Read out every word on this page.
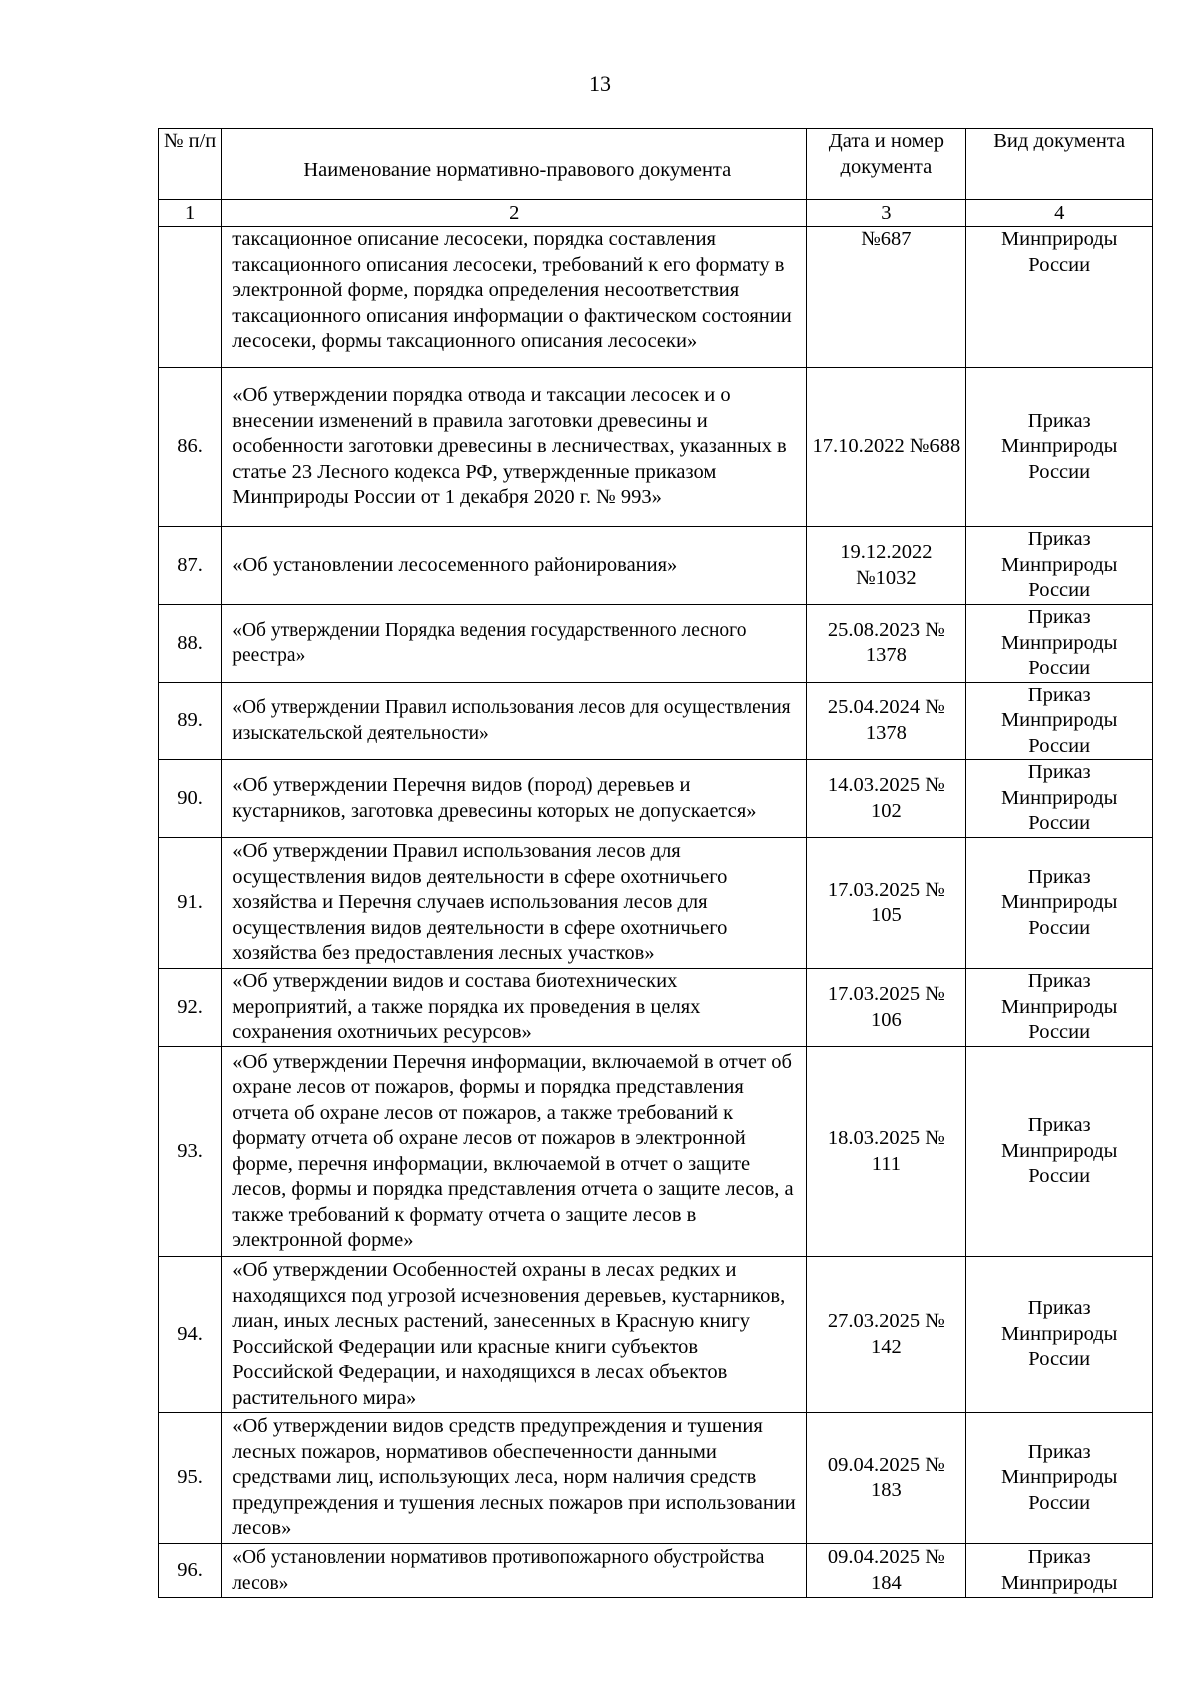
13
№ п/п	Наименование нормативно-правового документа	Дата и номер документа	Вид документа
1	2	3	4
	таксационное описание лесосеки, порядка составления таксационного описания лесосеки, требований к его формату в электронной форме, порядка определения несоответствия таксационного описания информации о фактическом состоянии лесосеки, формы таксационного описания лесосеки»	№687	Минприроды России
86.	«Об утверждении порядка отвода и таксации лесосек и о внесении изменений в правила заготовки древесины и особенности заготовки древесины в лесничествах, указанных в статье 23 Лесного кодекса РФ, утвержденные приказом Минприроды России от 1 декабря 2020 г. № 993»	17.10.2022 №688	Приказ Минприроды России
87.	«Об установлении лесосеменного районирования»	19.12.2022 №1032	Приказ Минприроды России
88.	«Об утверждении Порядка ведения государственного лесного реестра»	25.08.2023 № 1378	Приказ Минприроды России
89.	«Об утверждении Правил использования лесов для осуществления изыскательской деятельности»	25.04.2024 № 1378	Приказ Минприроды России
90.	«Об утверждении Перечня видов (пород) деревьев и кустарников, заготовка древесины которых не допускается»	14.03.2025 № 102	Приказ Минприроды России
91.	«Об утверждении Правил использования лесов для осуществления видов деятельности в сфере охотничьего хозяйства и Перечня случаев использования лесов для осуществления видов деятельности в сфере охотничьего хозяйства без предоставления лесных участков»	17.03.2025 № 105	Приказ Минприроды России
92.	«Об утверждении видов и состава биотехнических мероприятий, а также порядка их проведения в целях сохранения охотничьих ресурсов»	17.03.2025 № 106	Приказ Минприроды России
93.	«Об утверждении Перечня информации, включаемой в отчет об охране лесов от пожаров, формы и порядка представления отчета об охране лесов от пожаров, а также требований к формату отчета об охране лесов от пожаров в электронной форме, перечня информации, включаемой в отчет о защите лесов, формы и порядка представления отчета о защите лесов, а также требований к формату отчета о защите лесов в электронной форме»	18.03.2025 № 111	Приказ Минприроды России
94.	«Об утверждении Особенностей охраны в лесах редких и находящихся под угрозой исчезновения деревьев, кустарников, лиан, иных лесных растений, занесенных в Красную книгу Российской Федерации или красные книги субъектов Российской Федерации, и находящихся в лесах объектов растительного мира»	27.03.2025 № 142	Приказ Минприроды России
95.	«Об утверждении видов средств предупреждения и тушения лесных пожаров, нормативов обеспеченности данными средствами лиц, использующих леса, норм наличия средств предупреждения и тушения лесных пожаров при использовании лесов»	09.04.2025 № 183	Приказ Минприроды России
96.	«Об установлении нормативов противопожарного обустройства лесов»	09.04.2025 № 184	Приказ Минприроды
